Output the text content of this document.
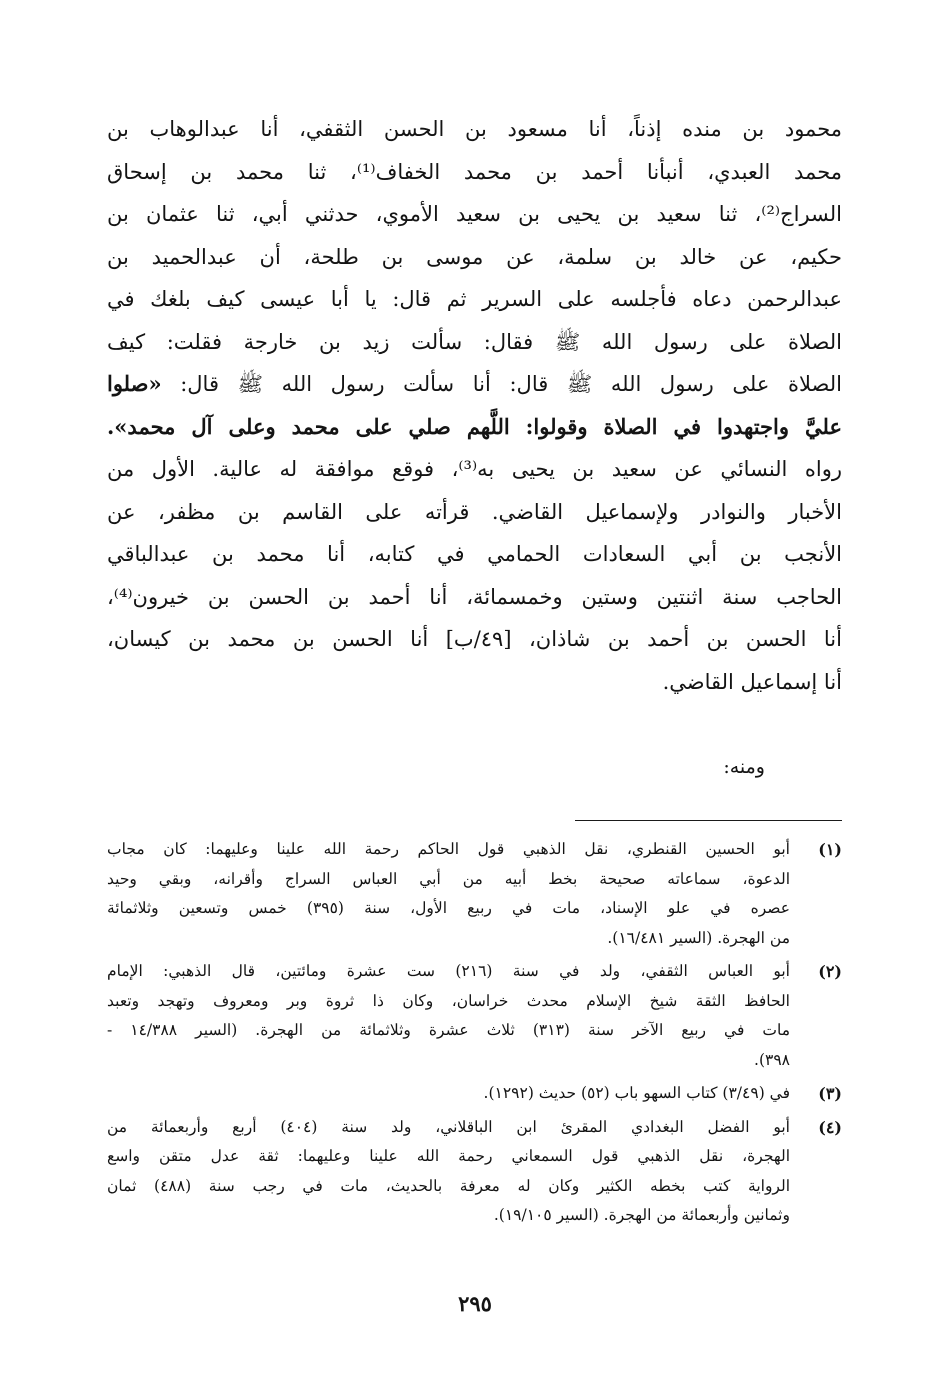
محمود بن منده إذناً، أنا مسعود بن الحسن الثقفي، أنا عبدالوهاب بن
محمد العبدي، أنبأنا أحمد بن محمد الخفاف⁽¹⁾، ثنا محمد بن إسحاق
السراج⁽²⁾، ثنا سعيد بن يحيى بن سعيد الأموي، حدثني أبي، ثنا عثمان بن
حكيم، عن خالد بن سلمة، عن موسى بن طلحة، أن عبدالحميد بن
عبدالرحمن دعاه فأجلسه على السرير ثم قال: يا أبا عيسى كيف بلغك في
الصلاة على رسول الله ﷺ فقال: سألت زيد بن خارجة فقلت: كيف
الصلاة على رسول الله ﷺ قال: أنا سألت رسول الله ﷺ قال: «صلوا
عليَّ واجتهدوا في الصلاة وقولوا: اللَّهم صلي على محمد وعلى آل محمد».
رواه النسائي عن سعيد بن يحيى به⁽³⁾، فوقع موافقة له عالية. الأول من
الأخبار والنوادر ولإسماعيل القاضي. قرأته على القاسم بن مظفر، عن
الأنجب بن أبي السعادات الحمامي في كتابه، أنا محمد بن عبدالباقي
الحاجب سنة اثنتين وستين وخمسمائة، أنا أحمد بن الحسن بن خيرون⁽⁴⁾،
أنا الحسن بن أحمد بن شاذان، [٤٩/ب] أنا الحسن بن محمد بن كيسان،
أنا إسماعيل القاضي.
ومنه:
(١)
أبو الحسين القنطري، نقل الذهبي قول الحاكم رحمة الله علينا وعليهما: كان مجاب
الدعوة، سماعاته صحيحة بخط أبيه من أبي العباس السراج وأقرانه، وبقي وحيد
عصره في علو الإسناد، مات في ربيع الأول، سنة (٣٩٥) خمس وتسعين وثلاثمائة
من الهجرة. (السير ١٦/٤٨١).
(٢)
أبو العباس الثقفي، ولد في سنة (٢١٦) ست عشرة ومائتين، قال الذهبي: الإمام
الحافظ الثقة شيخ الإسلام محدث خراسان، وكان ذا ثروة وبر ومعروف وتهجد وتعبد
مات في ربيع الآخر سنة (٣١٣) ثلاث عشرة وثلاثمائة من الهجرة. (السير ١٤/٣٨٨ -
٣٩٨).
(٣)
في (٣/٤٩) كتاب السهو باب (٥٢) حديث (١٢٩٢).
(٤)
أبو الفضل البغدادي المقرئ ابن الباقلاني، ولد سنة (٤٠٤) أربع وأربعمائة من
الهجرة، نقل الذهبي قول السمعاني رحمة الله علينا وعليهما: ثقة عدل متقن واسع
الرواية كتب بخطه الكثير وكان له معرفة بالحديث، مات في رجب سنة (٤٨٨) ثمان
وثمانين وأربعمائة من الهجرة. (السير ١٩/١٠٥).
٢٩٥
